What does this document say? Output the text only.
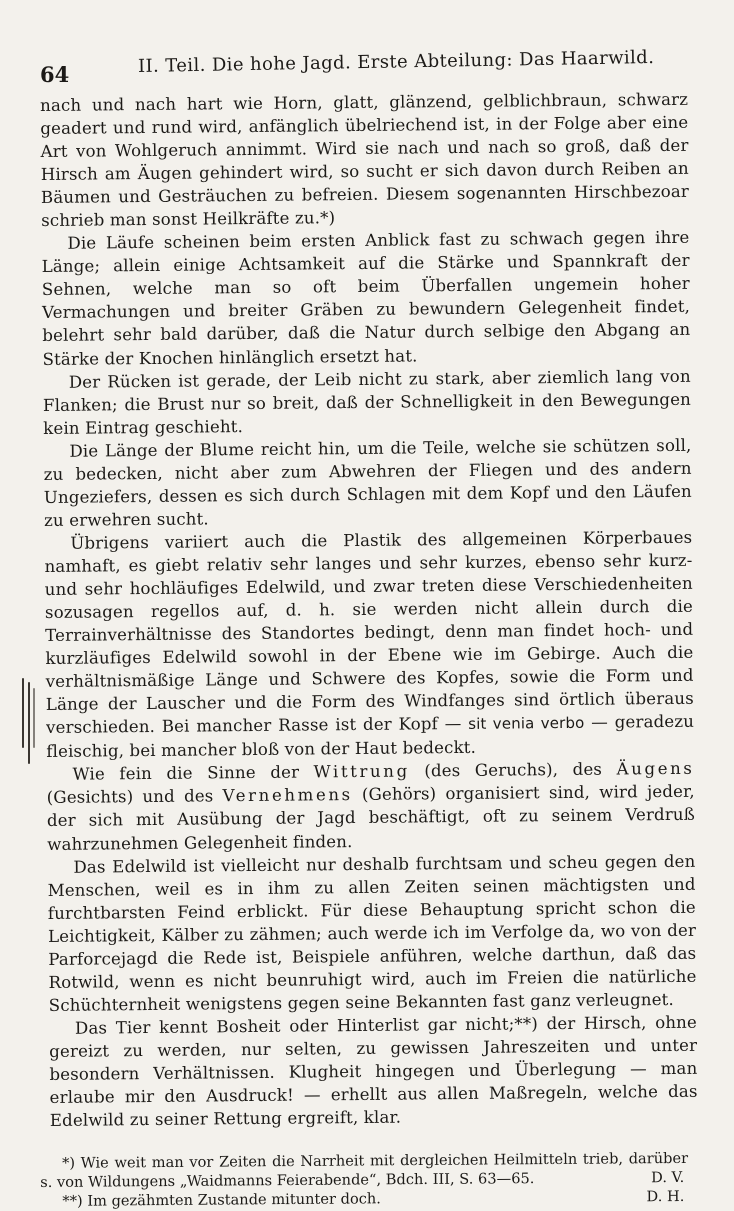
64	II. Teil. Die hohe Jagd. Erste Abteilung: Das Haarwild.

nach und nach hart wie Horn, glatt, glänzend, gelblichbraun, schwarz geadert und rund wird, anfänglich übelriechend ist, in der Folge aber eine Art von Wohlgeruch annimmt. Wird sie nach und nach so groß, daß der Hirsch am Äugen gehindert wird, so sucht er sich davon durch Reiben an Bäumen und Gesträuchen zu befreien. Diesem sogenannten Hirschbezoar schrieb man sonst Heilkräfte zu.*)

Die Läufe scheinen beim ersten Anblick fast zu schwach gegen ihre Länge; allein einige Achtsamkeit auf die Stärke und Spannkraft der Sehnen, welche man so oft beim Überfallen ungemein hoher Vermachungen und breiter Gräben zu bewundern Gelegenheit findet, belehrt sehr bald darüber, daß die Natur durch selbige den Abgang an Stärke der Knochen hinlänglich ersetzt hat.

Der Rücken ist gerade, der Leib nicht zu stark, aber ziemlich lang von Flanken; die Brust nur so breit, daß der Schnelligkeit in den Bewegungen kein Eintrag geschieht.

Die Länge der Blume reicht hin, um die Teile, welche sie schützen soll, zu bedecken, nicht aber zum Abwehren der Fliegen und des andern Ungeziefers, dessen es sich durch Schlagen mit dem Kopf und den Läufen zu erwehren sucht.

Übrigens variiert auch die Plastik des allgemeinen Körperbaues namhaft, es giebt relativ sehr langes und sehr kurzes, ebenso sehr kurz- und sehr hochläufiges Edelwild, und zwar treten diese Verschiedenheiten sozusagen regellos auf, d. h. sie werden nicht allein durch die Terrainverhältnisse des Standortes bedingt, denn man findet hoch- und kurzläufiges Edelwild sowohl in der Ebene wie im Gebirge. Auch die verhältnismäßige Länge und Schwere des Kopfes, sowie die Form und Länge der Lauscher und die Form des Windfanges sind örtlich überaus verschieden. Bei mancher Rasse ist der Kopf — sit venia verbo — geradezu fleischig, bei mancher bloß von der Haut bedeckt.

Wie fein die Sinne der Wittrung (des Geruchs), des Äugens (Gesichts) und des Vernehmens (Gehörs) organisiert sind, wird jeder, der sich mit Ausübung der Jagd beschäftigt, oft zu seinem Verdruß wahrzunehmen Gelegenheit finden.

Das Edelwild ist vielleicht nur deshalb furchtsam und scheu gegen den Menschen, weil es in ihm zu allen Zeiten seinen mächtigsten und furchtbarsten Feind erblickt. Für diese Behauptung spricht schon die Leichtigkeit, Kälber zu zähmen; auch werde ich im Verfolge da, wo von der Parforcejagd die Rede ist, Beispiele anführen, welche darthun, daß das Rotwild, wenn es nicht beunruhigt wird, auch im Freien die natürliche Schüchternheit wenigstens gegen seine Bekannten fast ganz verleugnet.

Das Tier kennt Bosheit oder Hinterlist gar nicht;**) der Hirsch, ohne gereizt zu werden, nur selten, zu gewissen Jahreszeiten und unter besondern Verhältnissen. Klugheit hingegen und Überlegung — man erlaube mir den Ausdruck! — erhellt aus allen Maßregeln, welche das Edelwild zu seiner Rettung ergreift, klar.

*) Wie weit man vor Zeiten die Narrheit mit dergleichen Heilmitteln trieb, darüber s. von Wildungens „Waidmanns Feierabende“, Bdch. III, S. 63—65.	D. V.

**) Im gezähmten Zustande mitunter doch.	D. H.
